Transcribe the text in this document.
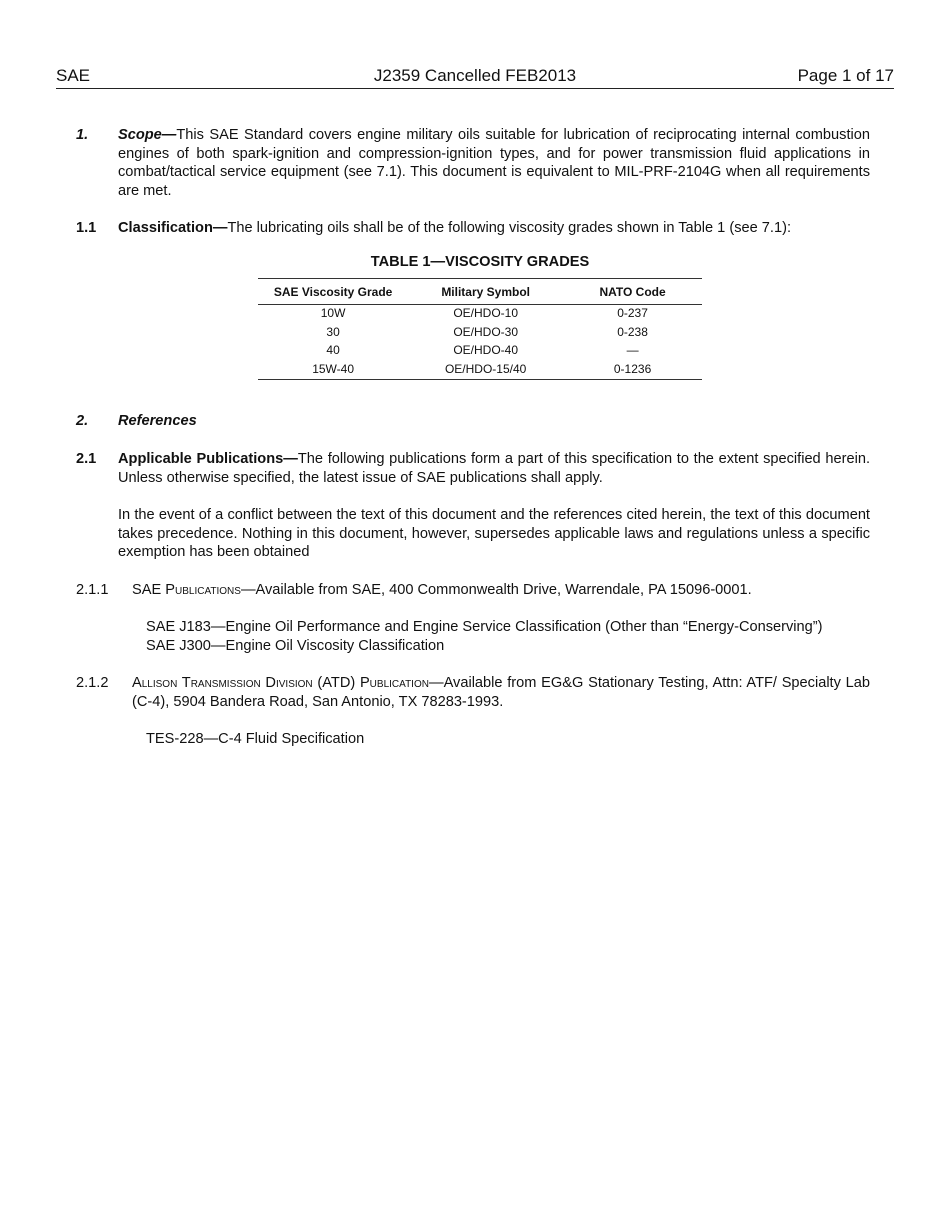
SAE	J2359 Cancelled FEB2013	Page 1 of 17
1. Scope—This SAE Standard covers engine military oils suitable for lubrication of reciprocating internal combustion engines of both spark-ignition and compression-ignition types, and for power transmission fluid applications in combat/tactical service equipment (see 7.1). This document is equivalent to MIL-PRF-2104G when all requirements are met.
1.1 Classification—The lubricating oils shall be of the following viscosity grades shown in Table 1 (see 7.1):
TABLE 1—VISCOSITY GRADES
SAE Viscosity Grade	Military Symbol	NATO Code
10W	OE/HDO-10	0-237
30	OE/HDO-30	0-238
40	OE/HDO-40	—
15W-40	OE/HDO-15/40	0-1236
2. References
2.1 Applicable Publications—The following publications form a part of this specification to the extent specified herein. Unless otherwise specified, the latest issue of SAE publications shall apply.
In the event of a conflict between the text of this document and the references cited herein, the text of this document takes precedence. Nothing in this document, however, supersedes applicable laws and regulations unless a specific exemption has been obtained
2.1.1 SAE Publications—Available from SAE, 400 Commonwealth Drive, Warrendale, PA 15096-0001.
SAE J183—Engine Oil Performance and Engine Service Classification (Other than “Energy-Conserving”)
SAE J300—Engine Oil Viscosity Classification
2.1.2 Allison Transmission Division (ATD) Publication—Available from EG&G Stationary Testing, Attn: ATF/ Specialty Lab (C-4), 5904 Bandera Road, San Antonio, TX 78283-1993.
TES-228—C-4 Fluid Specification
